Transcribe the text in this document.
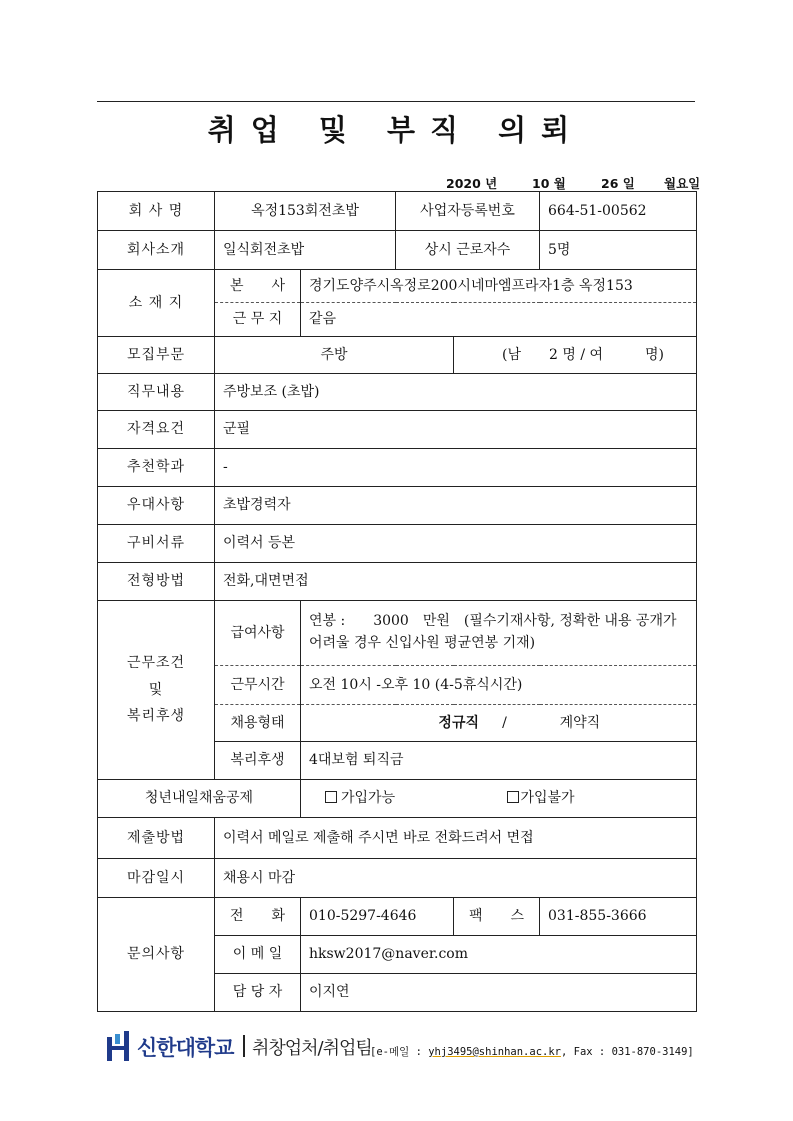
취업 및 부직 의뢰
2020 년	10 월	26 일 월요일
회 사 명	옥정153회전초밥		사업자등록번호		664-51-00562
회사소개	일식회전초밥		상시 근로자수		5명
소 재 지	본　　사	경기도양주시옥정로200시네마엠프라자1층 옥정153			
	근 무 지	같음			
모집부문	주방			(남　　2 명 / 여　　　명)	
직무내용	주방보조 (초밥)				
자격요건	군필				
추천학과	-				
우대사항	초밥경력자				
구비서류	이력서 등본				
전형방법	전화,대면면접				

근무조건
및
복리후생	급여사항	연봉 :　　3000　만원　(필수기재사항, 정확한 내용 공개가 어려울 경우 신입사원 평균연봉 기재)			
	근무시간	오전 10시 -오후 10 (4-5휴식시간)			
	채용형태	정규직 / 계약직			
	복리후생	4대보험 퇴직금			
청년내일채움공제		가입가능 가입불가			
제출방법	이력서 메일로 제출해 주시면 바로 전화드려서 면접				
마감일시	채용시 마감				
문의사항	전　　화	010-5297-4646		팩　　스	031-855-3666
	이 메 일	hksw2017@naver.com			
	담 당 자	이지연			
신한대학교 취창업처/취업팀
[e-메일 : yhj3495@shinhan.ac.kr, Fax : 031-870-3149]
